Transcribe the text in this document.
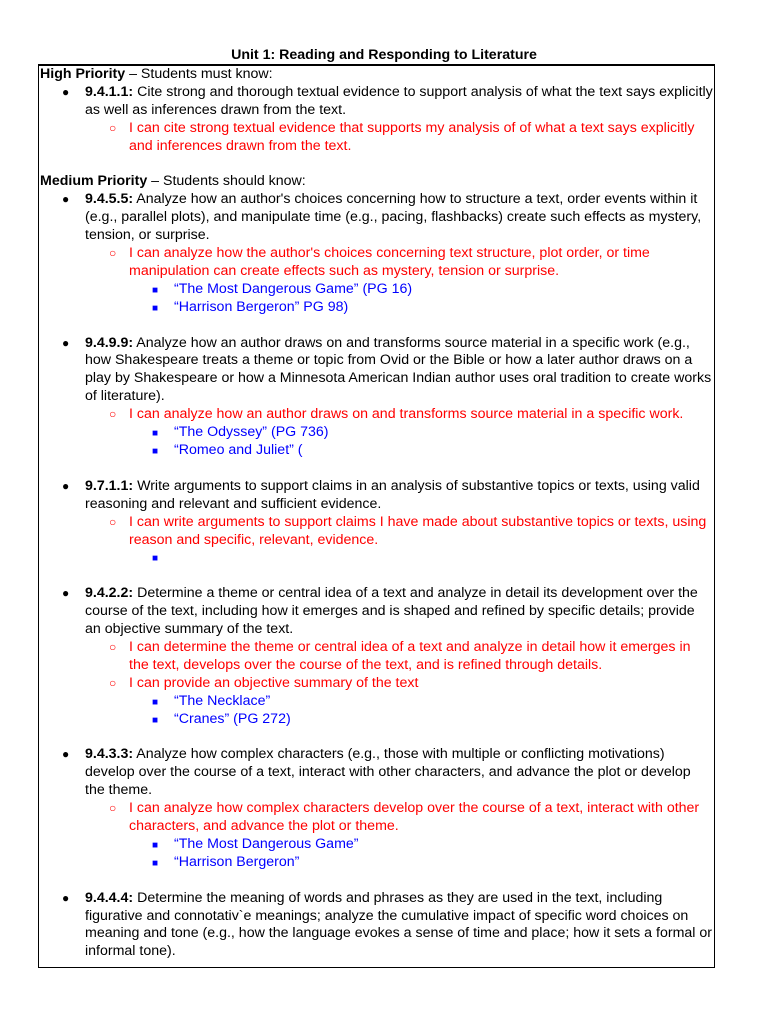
Unit 1: Reading and Responding to Literature
High Priority – Students must know:
● 9.4.1.1: Cite strong and thorough textual evidence to support analysis of what the text says explicitly as well as inferences drawn from the text.
○ I can cite strong textual evidence that supports my analysis of of what a text says explicitly and inferences drawn from the text.
Medium Priority – Students should know:
● 9.4.5.5: Analyze how an author's choices concerning how to structure a text, order events within it (e.g., parallel plots), and manipulate time (e.g., pacing, flashbacks) create such effects as mystery, tension, or surprise.
○ I can analyze how the author's choices concerning text structure, plot order, or time manipulation can create effects such as mystery, tension or surprise.
■ “The Most Dangerous Game” (PG 16)
■ “Harrison Bergeron” PG 98)
● 9.4.9.9: Analyze how an author draws on and transforms source material in a specific work (e.g., how Shakespeare treats a theme or topic from Ovid or the Bible or how a later author draws on a play by Shakespeare or how a Minnesota American Indian author uses oral tradition to create works of literature).
○ I can analyze how an author draws on and transforms source material in a specific work.
■ “The Odyssey” (PG 736)
■ “Romeo and Juliet” (
● 9.7.1.1: Write arguments to support claims in an analysis of substantive topics or texts, using valid reasoning and relevant and sufficient evidence.
○ I can write arguments to support claims I have made about substantive topics or texts, using reason and specific, relevant, evidence.
■

● 9.4.2.2: Determine a theme or central idea of a text and analyze in detail its development over the course of the text, including how it emerges and is shaped and refined by specific details; provide an objective summary of the text.
○ I can determine the theme or central idea of a text and analyze in detail how it emerges in the text, develops over the course of the text, and is refined through details.
○ I can provide an objective summary of the text
■ “The Necklace”
■ “Cranes” (PG 272)
● 9.4.3.3: Analyze how complex characters (e.g., those with multiple or conflicting motivations) develop over the course of a text, interact with other characters, and advance the plot or develop the theme.
○ I can analyze how complex characters develop over the course of a text, interact with other characters, and advance the plot or theme.
■ “The Most Dangerous Game”
■ “Harrison Bergeron”
● 9.4.4.4: Determine the meaning of words and phrases as they are used in the text, including figurative and connotativ`e meanings; analyze the cumulative impact of specific word choices on meaning and tone (e.g., how the language evokes a sense of time and place; how it sets a formal or informal tone).
